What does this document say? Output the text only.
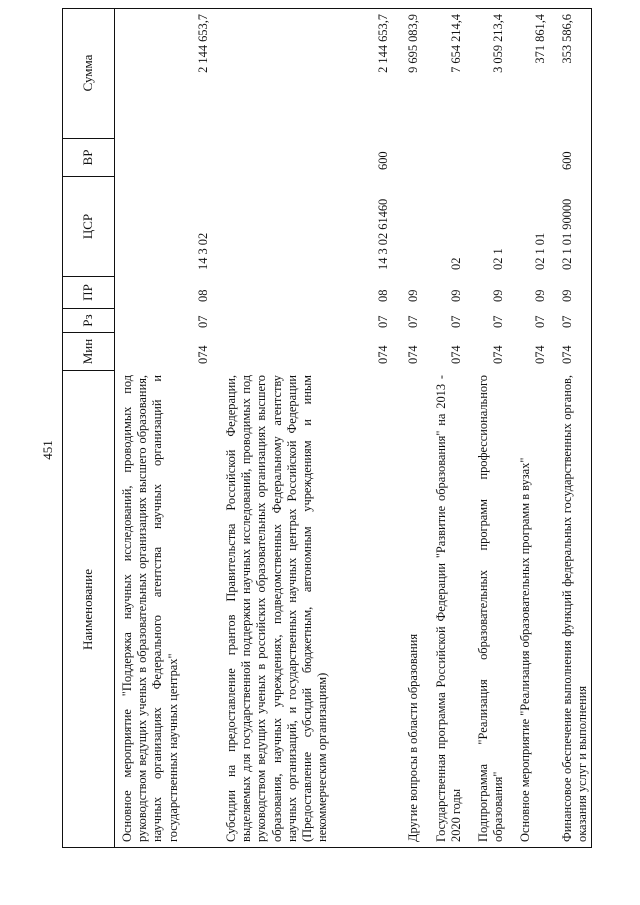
451
Наименование
Мин
Рз
ПР
ЦСР
ВР
Сумма
Основное мероприятие "Поддержка научных исследований, проводимых под руководством ведущих ученых в образовательных организациях высшего образования, научных организациях Федерального агентства научных организаций и государственных научных центрах"
074
07
08
14 3 02
2 144 653,7
Субсидии на предоставление грантов Правительства Российской Федерации, выделяемых для государственной поддержки научных исследований, проводимых под руководством ведущих ученых в российских образовательных организациях высшего образования, научных учреждениях, подведомственных Федеральному агентству научных организаций, и государственных научных центрах Российской Федерации (Предоставление субсидий бюджетным, автономным учреждениям и иным некоммерческим организациям)
074
07
08
14 3 02 61460
600
2 144 653,7
Другие вопросы в области образования
074
07
09
9 695 083,9
Государственная программа Российской Федерации "Развитие образования" на 2013 - 2020 годы
074
07
09
02
7 654 214,4
Подпрограмма "Реализация образовательных программ профессионального образования"
074
07
09
02 1
3 059 213,4
Основное мероприятие "Реализация образовательных программ в вузах"
074
07
09
02 1 01
371 861,4
Финансовое обеспечение выполнения функций федеральных государственных органов, оказания услуг и выполнения
074
07
09
02 1 01 90000
600
353 586,6
